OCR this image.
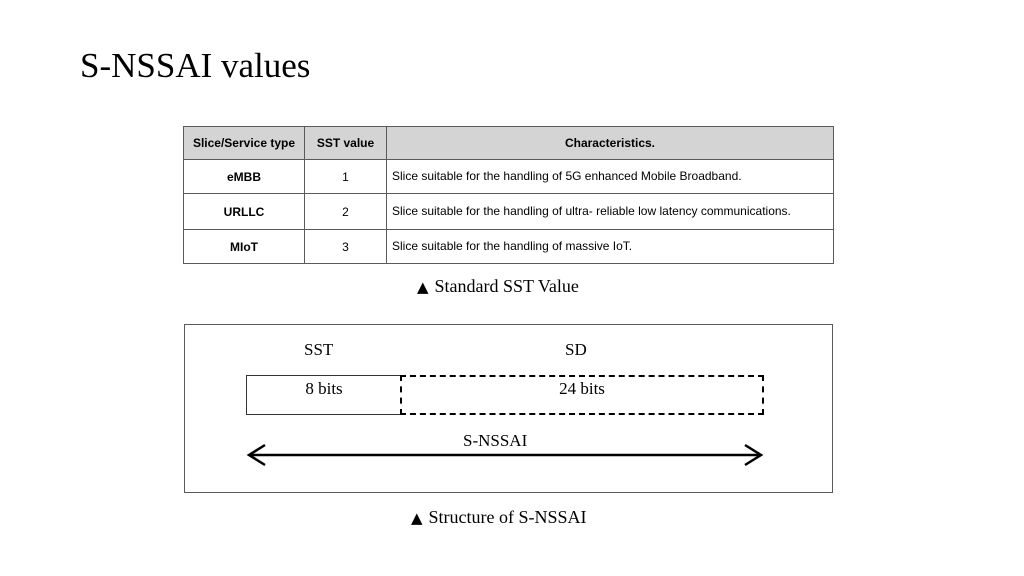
S-NSSAI values
Slice/Service type	SST value	Characteristics.
eMBB	1	Slice suitable for the handling of 5G enhanced Mobile Broadband.
URLLC	2	Slice suitable for the handling of ultra- reliable low latency communications.
MIoT	3	Slice suitable for the handling of massive IoT.
▲ Standard SST Value
SST	SD
8 bits	24 bits
S-NSSAI
▲ Structure of S-NSSAI
